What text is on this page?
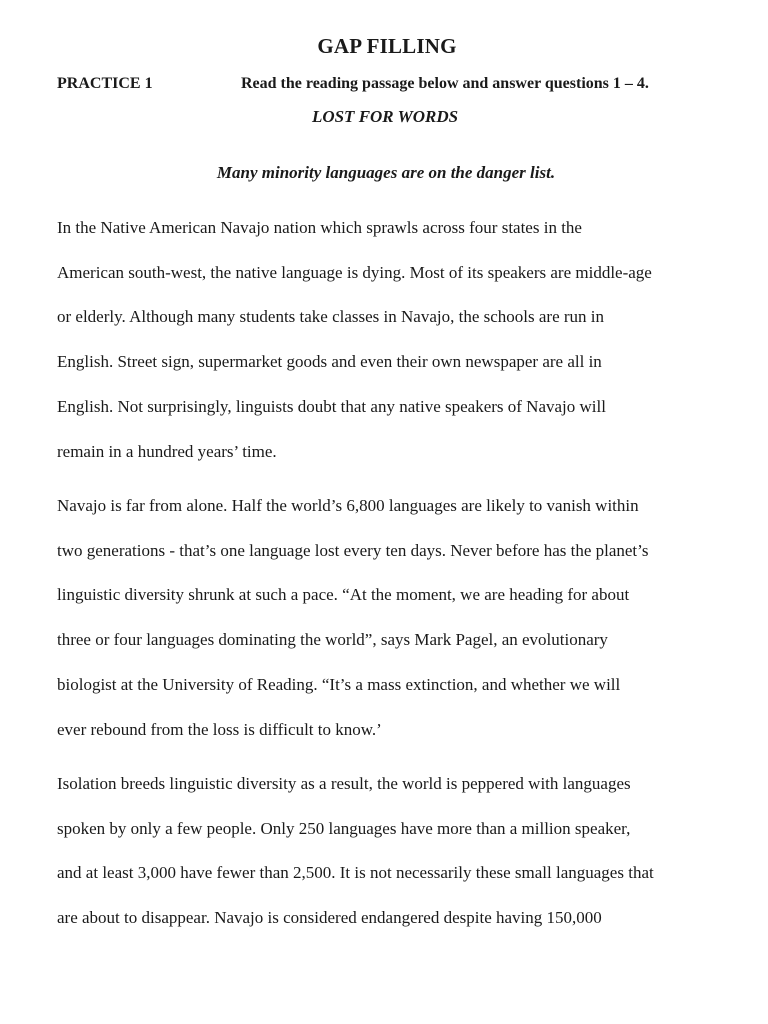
GAP FILLING
PRACTICE 1	Read the reading passage below and answer questions 1 – 4.
LOST FOR WORDS
Many minority languages are on the danger list.

In the Native American Navajo nation which sprawls across four states in the
American south-west, the native language is dying. Most of its speakers are middle-age
or elderly. Although many students take classes in Navajo, the schools are run in
English. Street sign, supermarket goods and even their own newspaper are all in
English. Not surprisingly, linguists doubt that any native speakers of Navajo will
remain in a hundred years’ time.

Navajo is far from alone. Half the world’s 6,800 languages are likely to vanish within
two generations - that’s one language lost every ten days. Never before has the planet’s
linguistic diversity shrunk at such a pace. “At the moment, we are heading for about
three or four languages dominating the world”, says Mark Pagel, an evolutionary
biologist at the University of Reading. “It’s a mass extinction, and whether we will
ever rebound from the loss is difficult to know.’

Isolation breeds linguistic diversity as a result, the world is peppered with languages
spoken by only a few people. Only 250 languages have more than a million speaker,
and at least 3,000 have fewer than 2,500. It is not necessarily these small languages that
are about to disappear. Navajo is considered endangered despite having 150,000
